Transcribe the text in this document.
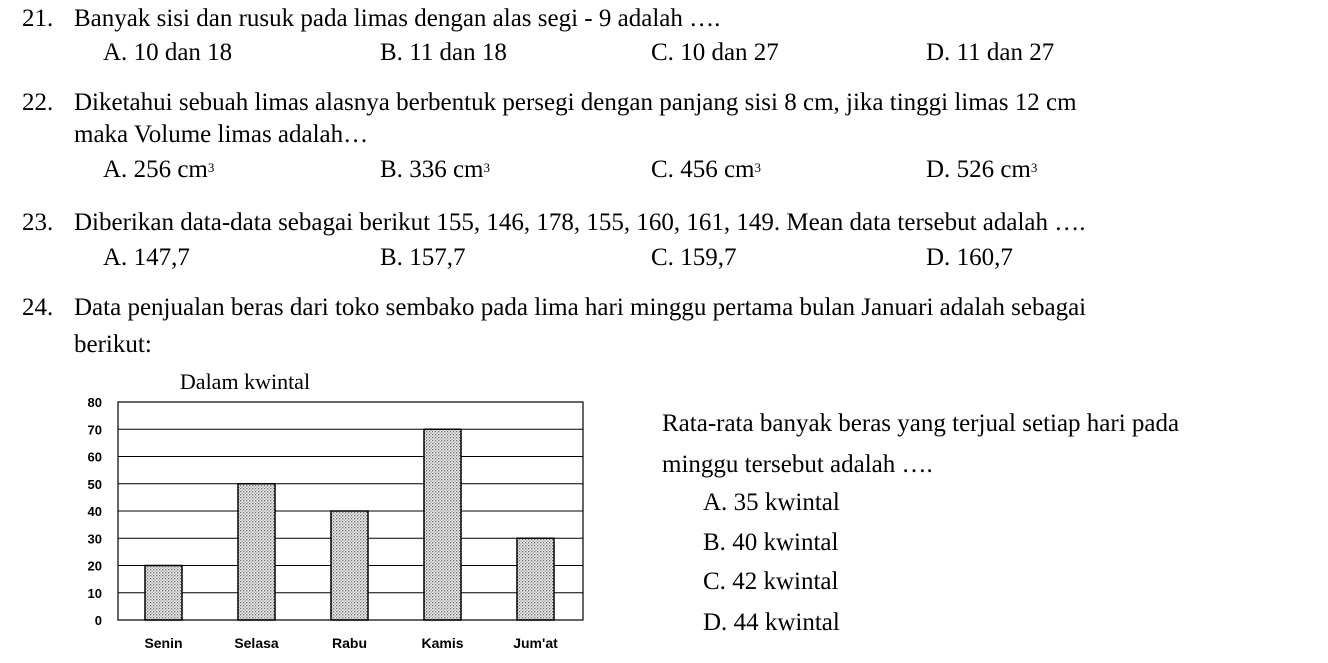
21. Banyak sisi dan rusuk pada limas dengan alas segi - 9 adalah ….
A. 10 dan 18	B. 11 dan 18	C. 10 dan 27	D. 11 dan 27
22. Diketahui sebuah limas alasnya berbentuk persegi dengan panjang sisi 8 cm, jika tinggi limas 12 cm
maka Volume limas adalah…
A. 256 $cm^3$	B. 336 $cm^3$	C. 456 $cm^3$	D. 526 $cm^3$
23. Diberikan data-data sebagai berikut 155, 146, 178, 155, 160, 161, 149. Mean data tersebut adalah ….
A. 147,7	B. 157,7	C. 159,7	D. 160,7
24. Data penjualan beras dari toko sembako pada lima hari minggu pertama bulan Januari adalah sebagai
berikut:
Dalam kwintal
0
10
20
30
40
50
60
70
80
Senin	Selasa	Rabu	Kamis	Jum'at
Rata-rata banyak beras yang terjual setiap hari pada
minggu tersebut adalah ….
A. 35 kwintal
B. 40 kwintal
C. 42 kwintal
D. 44 kwintal
